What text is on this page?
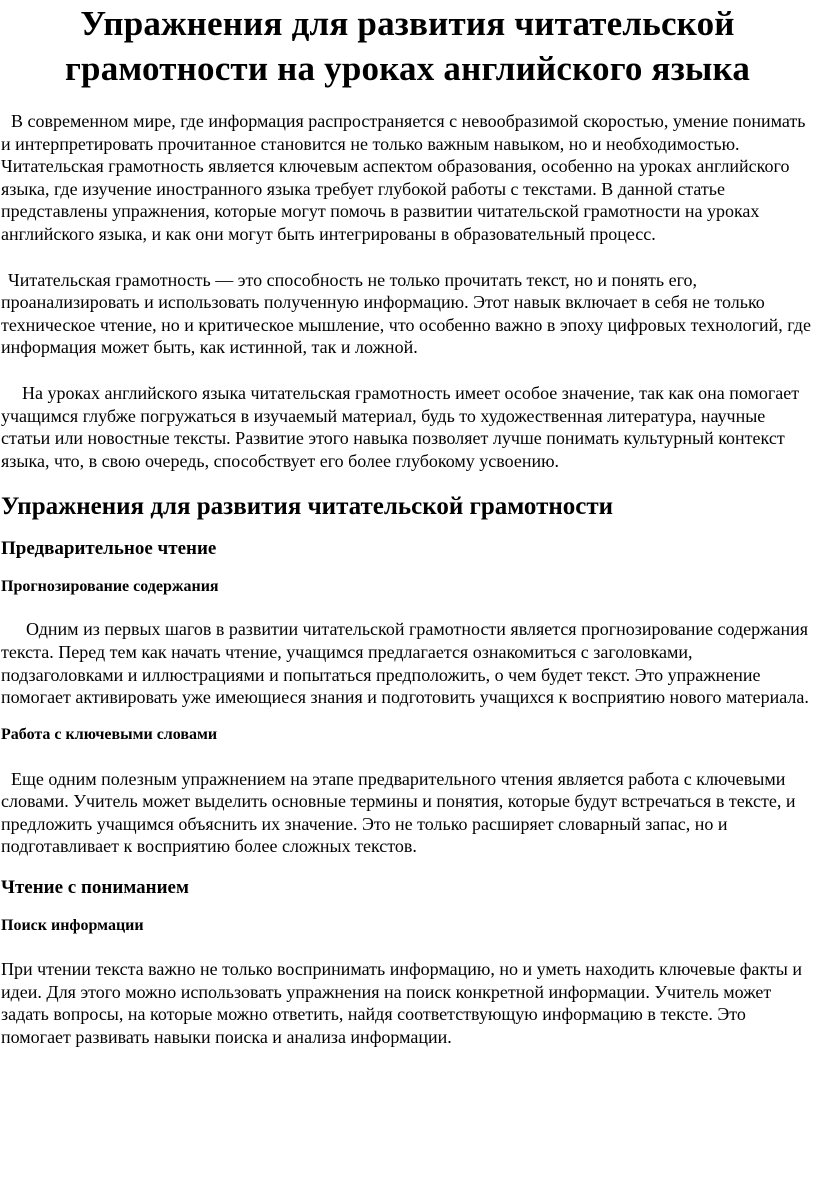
Упражнения для развития читательской грамотности на уроках английского языка

В современном мире, где информация распространяется с невообразимой скоростью, умение понимать и интерпретировать прочитанное становится не только важным навыком, но и необходимостью. Читательская грамотность является ключевым аспектом образования, особенно на уроках английского языка, где изучение иностранного языка требует глубокой работы с текстами. В данной статье представлены упражнения, которые могут помочь в развитии читательской грамотности на уроках английского языка, и как они могут быть интегрированы в образовательный процесс.

Читательская грамотность — это способность не только прочитать текст, но и понять его, проанализировать и использовать полученную информацию. Этот навык включает в себя не только техническое чтение, но и критическое мышление, что особенно важно в эпоху цифровых технологий, где информация может быть, как истинной, так и ложной.

На уроках английского языка читательская грамотность имеет особое значение, так как она помогает учащимся глубже погружаться в изучаемый материал, будь то художественная литература, научные статьи или новостные тексты. Развитие этого навыка позволяет лучше понимать культурный контекст языка, что, в свою очередь, способствует его более глубокому усвоению.

Упражнения для развития читательской грамотности
Предварительное чтение
Прогнозирование содержания

Одним из первых шагов в развитии читательской грамотности является прогнозирование содержания текста. Перед тем как начать чтение, учащимся предлагается ознакомиться с заголовками, подзаголовками и иллюстрациями и попытаться предположить, о чем будет текст. Это упражнение помогает активировать уже имеющиеся знания и подготовить учащихся к восприятию нового материала.

Работа с ключевыми словами

Еще одним полезным упражнением на этапе предварительного чтения является работа с ключевыми словами. Учитель может выделить основные термины и понятия, которые будут встречаться в тексте, и предложить учащимся объяснить их значение. Это не только расширяет словарный запас, но и подготавливает к восприятию более сложных текстов.

Чтение с пониманием
Поиск информации

При чтении текста важно не только воспринимать информацию, но и уметь находить ключевые факты и идеи. Для этого можно использовать упражнения на поиск конкретной информации. Учитель может задать вопросы, на которые можно ответить, найдя соответствующую информацию в тексте. Это помогает развивать навыки поиска и анализа информации.
